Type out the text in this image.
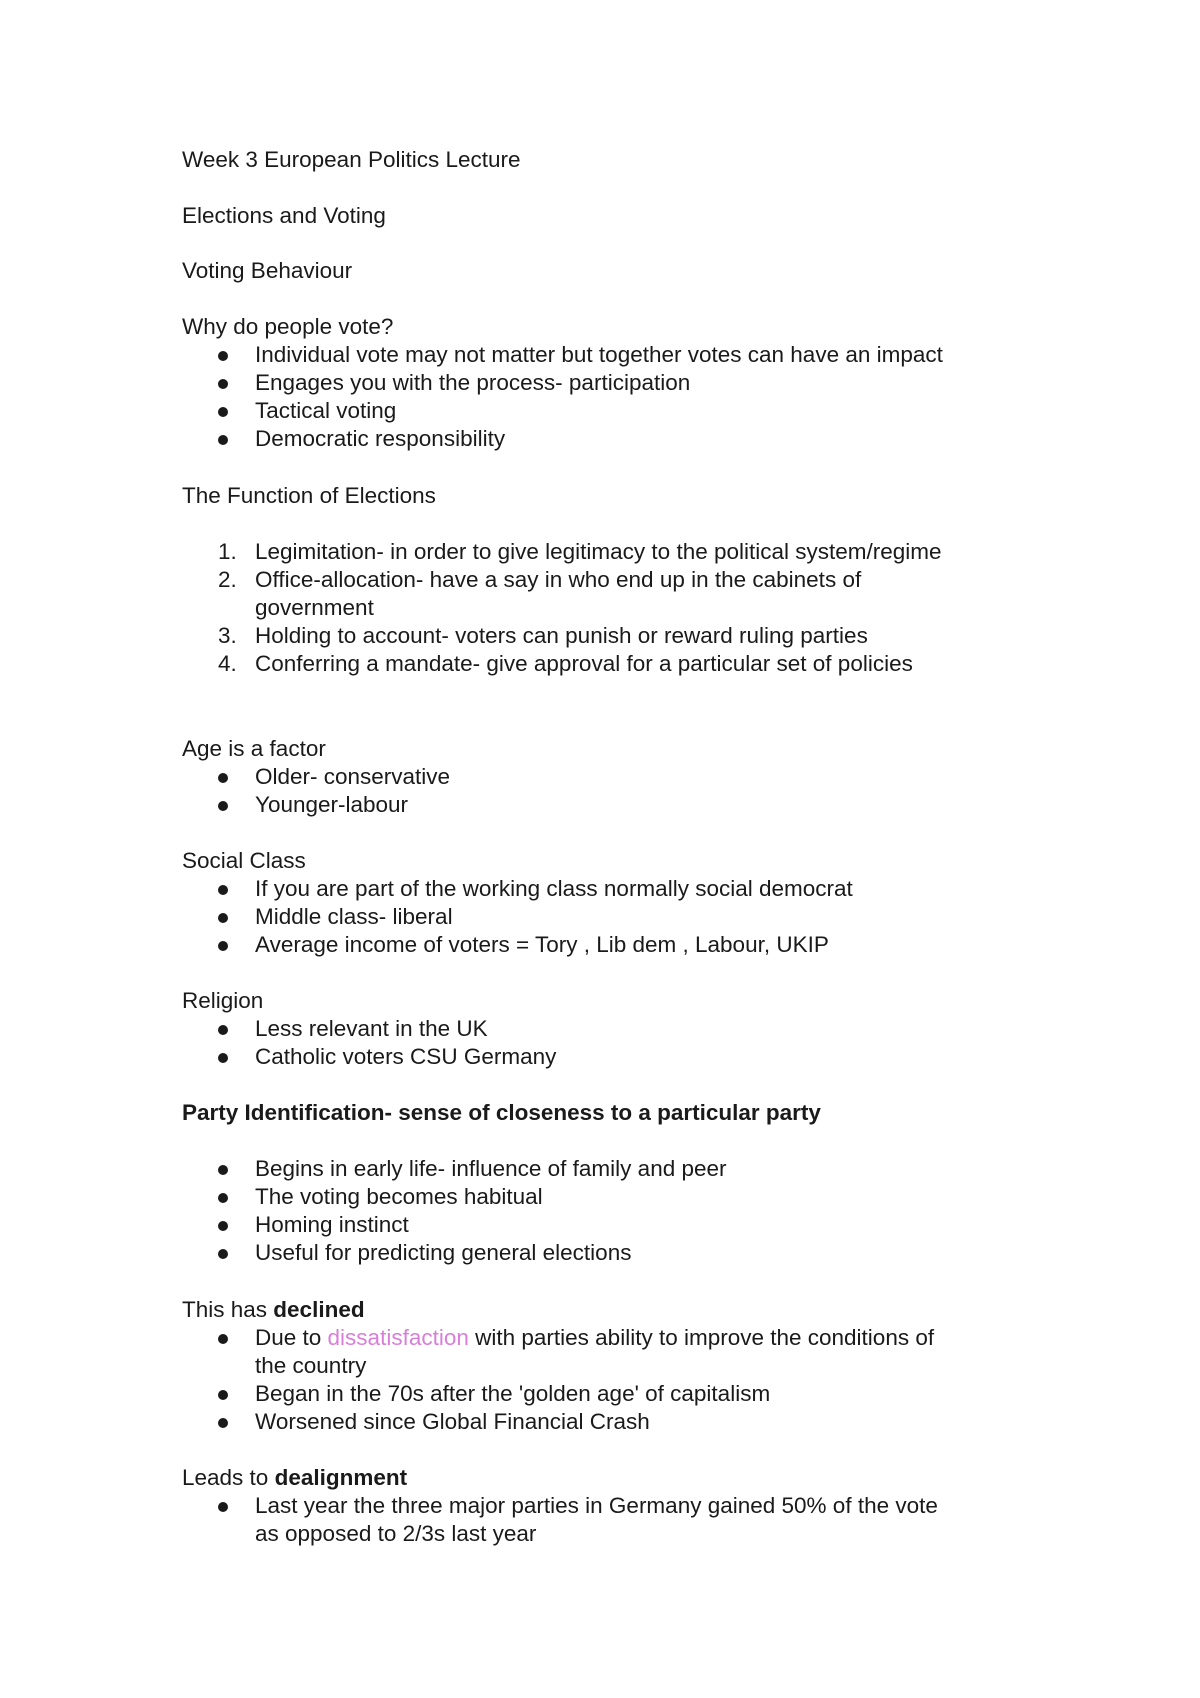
Week 3 European Politics Lecture
Elections and Voting
Voting Behaviour
Why do people vote?
Individual vote may not matter but together votes can have an impact
Engages you with the process- participation
Tactical voting
Democratic responsibility
The Function of Elections
1. Legimitation- in order to give legitimacy to the political system/regime
2. Office-allocation- have a say in who end up in the cabinets of
government
3. Holding to account- voters can punish or reward ruling parties
4. Conferring a mandate- give approval for a particular set of policies
Age is a factor
Older- conservative
Younger-labour
Social Class
If you are part of the working class normally social democrat
Middle class- liberal
Average income of voters = Tory , Lib dem , Labour, UKIP
Religion
Less relevant in the UK
Catholic voters CSU Germany
Party Identification- sense of closeness to a particular party
Begins in early life- influence of family and peer
The voting becomes habitual
Homing instinct
Useful for predicting general elections
This has declined
Due to dissatisfaction with parties ability to improve the conditions of
the country
Began in the 70s after the 'golden age' of capitalism
Worsened since Global Financial Crash
Leads to dealignment
Last year the three major parties in Germany gained 50% of the vote
as opposed to 2/3s last year
